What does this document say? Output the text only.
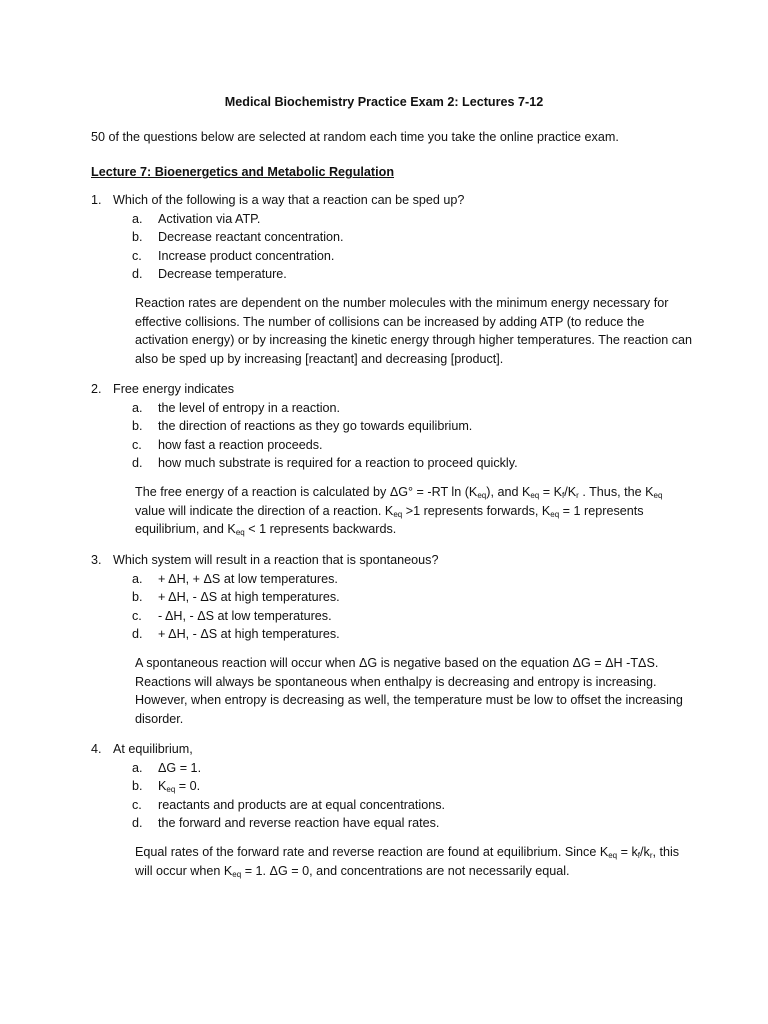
Medical Biochemistry Practice Exam 2: Lectures 7-12
50 of the questions below are selected at random each time you take the online practice exam.
Lecture 7: Bioenergetics and Metabolic Regulation
1. Which of the following is a way that a reaction can be sped up?
a. Activation via ATP.
b. Decrease reactant concentration.
c. Increase product concentration.
d. Decrease temperature.
Reaction rates are dependent on the number molecules with the minimum energy necessary for effective collisions. The number of collisions can be increased by adding ATP (to reduce the activation energy) or by increasing the kinetic energy through higher temperatures. The reaction can also be sped up by increasing [reactant] and decreasing [product].
2. Free energy indicates
a. the level of entropy in a reaction.
b. the direction of reactions as they go towards equilibrium.
c. how fast a reaction proceeds.
d. how much substrate is required for a reaction to proceed quickly.
The free energy of a reaction is calculated by ΔG° = -RT $\ln (K_{eq})$, and $K_{eq} = K_f/K_r$ . Thus, the $K_{eq}$ value will indicate the direction of a reaction. $K_{eq} >1$ represents forwards, $K_{eq} = 1$ represents equilibrium, and $K_{eq} < 1$ represents backwards.
3. Which system will result in a reaction that is spontaneous?
a. + ΔH, + ΔS at low temperatures.
b. + ΔH, - ΔS at high temperatures.
c. - ΔH, - ΔS at low temperatures.
d. + ΔH, - ΔS at high temperatures.
A spontaneous reaction will occur when ΔG is negative based on the equation ΔG = ΔH -TΔS. Reactions will always be spontaneous when enthalpy is decreasing and entropy is increasing. However, when entropy is decreasing as well, the temperature must be low to offset the increasing disorder.
4. At equilibrium,
a. ΔG = 1.
b. $K_{eq} = 0$.
c. reactants and products are at equal concentrations.
d. the forward and reverse reaction have equal rates.
Equal rates of the forward rate and reverse reaction are found at equilibrium. Since $K_{eq} = k_f/k_r$, this will occur when $K_{eq} = 1$. ΔG = 0, and concentrations are not necessarily equal.
